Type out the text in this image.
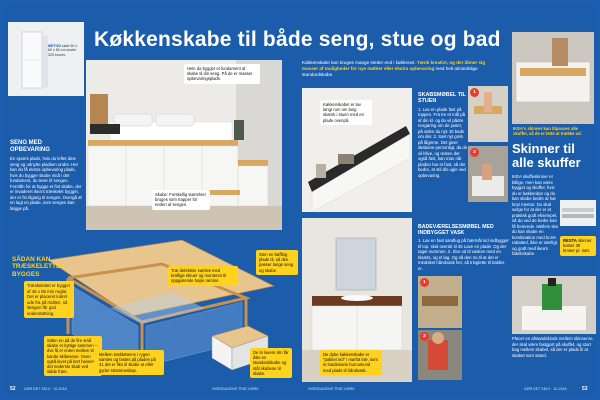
METOD skab 60 x 60 x 80 cm koster 325 kroner.
Køkkenskabe til både seng, stue og bad
Hele da bygget et fundament af skabe til din seng. På de er masser opbevaringsplads.
Skabe: Forskellig størrelser bruges som trapper for neden af sengen.
SENG MED OPBEVARING
En sjusmi plads, hvis du leftet dine seng og udnytte pladsen under. Her kan du få ekstra opbevaring plads, hvis du bygger skabe midt i det fundament, du lever til sengen. Forstån for at bygge et fint skabe, der er invaderet ikea's træskelet bygget, der er fin tilgang til sengen. Overgå af en lagt en plade, som sengen kan lægge på.
SÅDAN KAN TRÆSKELETTET BYGGES
Træskelettet er bygget af 45 x 95 mm reglar. Det er placeret lodret ude fra på midten, så længen får god understøtning.
Siden en på de fire små skabe et nyttige sammen – dvs få er enten mellem til kande skibesene. Oven også lavet på kort havner det nederste skab ved sidde fram.
Træ delelister samles med kraftige skruer og monteres til oppgørende højre ramme.
Sten en bøffing plade til, så den passer lange seng og skabe.
Mellem trækletterne i rygen samles og fastes på pladen på 41 det er fiks til skabe at efter gyder strammeskap.
De to lavere trin får ikke en standardskabe og stål skabene til skabe.
52 GØR DET SELV · 10-2016	HVERDAGENS TRÆ-VÆRK
Køkkenskabe kan bruges mange steder end i køkkenet. Tænk kreativt, og der åbner sig masser af muligheder for nye møbler eller ekstra opbevaring med helt almindelige standardskabe.
Køkkenskabet er lav langt rum om lang skænk i stuen med en plade ovenpå.
SKABSMØBEL TIL STUEN
1. Lav en plade fast på toppen. Fra tre et mål på af din kl. og du vil pådre rengøring om de juster, på siden du nyt. Et bade om det. 2. Sæt nyt greb på lågerne. Det giver skabene personligt, da de vil blive, og resten det også fast, kan man når pladen har et fast, så der bedre, at stil din ugle ved opbevaring.
1
2
BADEVÆRELSESMØBEL MED INDBYGGET VASK
1. Lav en fast sandlug på bærmål ind indbygget til top. skal overalt til 45 Lave en plade. Og der tager summen. 2. Slur ud til vasken med en tilsæts, og et lag. Og så den nu til at det er mindsket håndvask her, så tringlette til kaldes er.
De dybe køkkenskabe er "pakket ind" i marfot træ, som et loadsmarie burcamund med plads til håndvask.
1
2
IKEA's skinner kan tilpasses alle skuffer, så de er lette at trække ud.
Skinner til alle skuffer
IKEA skuffeskinner er billige, men kan være bygget og skuffer, hvis du er køkkenbar og du kan skabe bedre at har knyt mentor. Du skal sørge for at der er et praktisk godt eksempel, så du ved de bedre kan få fremrede. Mellem ske du kan skabe en kombination med boret rabatted, ikke er særligt og godt med ikea's fabrikskabe.
RESTA skinner koster 30 kroner pr. sæt.
Placer en afstandsklods mellem skinnerne, der skal være fastgjort på skuffet, og stort bag mellem skabet, så der er plads til at skabet som stand.
HVERDAGENS TRÆ-VÆRK	GØR DET SELV · 10-2016	53
